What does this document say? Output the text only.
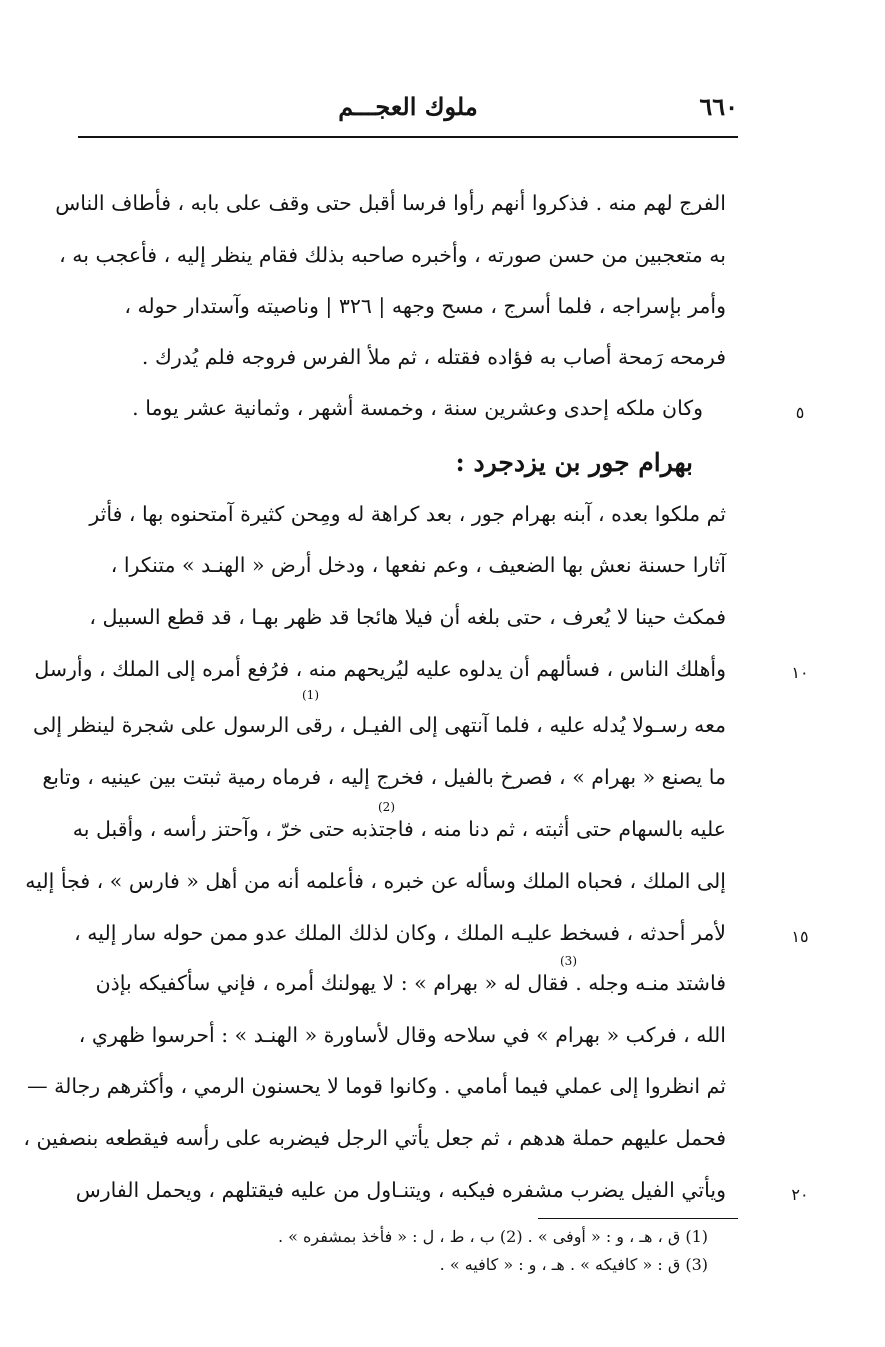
٦٦٠
ملوك العجـــم
الفرج لهم منه . فذكروا أنهم رأوا فرسا أقبل حتى وقف على بابه ، فأطاف الناس
به متعجبين من حسن صورته ، وأخبره صاحبه بذلك فقام ينظر إليه ، فأعجب به ،
وأمر بإسراجه ، فلما أسرج ، مسح وجهه | ٣٢٦ | وناصيته وآستدار حوله ،
فرمحه رَمحة أصاب به فؤاده فقتله ، ثم ملأ الفرس فروجه فلم يُدرك .
وكان ملكه إحدى وعشرين سنة ، وخمسة أشهر ، وثمانية عشر يوما .
بهرام جور بن يزدجرد :
ثم ملكوا بعده ، آبنه بهرام جور ، بعد كراهة له ومِحن كثيرة آمتحنوه بها ، فأثر
آثارا حسنة نعش بها الضعيف ، وعم نفعها ، ودخل أرض « الهنـد » متنكرا ،
فمكث حينا لا يُعرف ، حتى بلغه أن فيلا هائجا قد ظهر بهـا ، قد قطع السبيل ،
وأهلك الناس ، فسألهم أن يدلوه عليه ليُريحهم منه ، فرُفع أمره إلى الملك ، وأرسل
معه رسـولا يُدله عليه ، فلما آنتهى إلى الفيـل ، رقى الرسول على شجرة لينظر إلى
ما يصنع « بهرام » ، فصرخ بالفيل ، فخرج إليه ، فرماه رمية ثبتت بين عينيه ، وتابع
عليه بالسهام حتى أثبته ، ثم دنا منه ، فاجتذبه حتى خرّ ، وآحتز رأسه ، وأقبل به
إلى الملك ، فحباه الملك وسأله عن خبره ، فأعلمه أنه من أهل « فارس » ، فجأ إليه
لأمر أحدثه ، فسخط عليـه الملك ، وكان لذلك الملك عدو ممن حوله سار إليه ،
فاشتد منـه وجله . فقال له « بهرام » : لا يهولنك أمره ، فإني سأكفيكه بإذن
الله ، فركب « بهرام » في سلاحه وقال لأساورة « الهنـد » : أحرسوا ظهري ،
ثم انظروا إلى عملي فيما أمامي . وكانوا قوما لا يحسنون الرمي ، وأكثرهم رجالة —
فحمل عليهم حملة هدهم ، ثم جعل يأتي الرجل فيضربه على رأسه فيقطعه بنصفين ،
ويأتي الفيل يضرب مشفره فيكبه ، ويتنـاول من عليه فيقتلهم ، ويحمل الفارس
(1)
(2)
(3)
٥
١٠
١٥
٢٠
(1) ق ، هـ ، و : « أوفى » . (2) ب ، ط ، ل : « فأخذ بمشفره » .
(3) ق : « كافيكه » . هـ ، و : « كافيه » .
